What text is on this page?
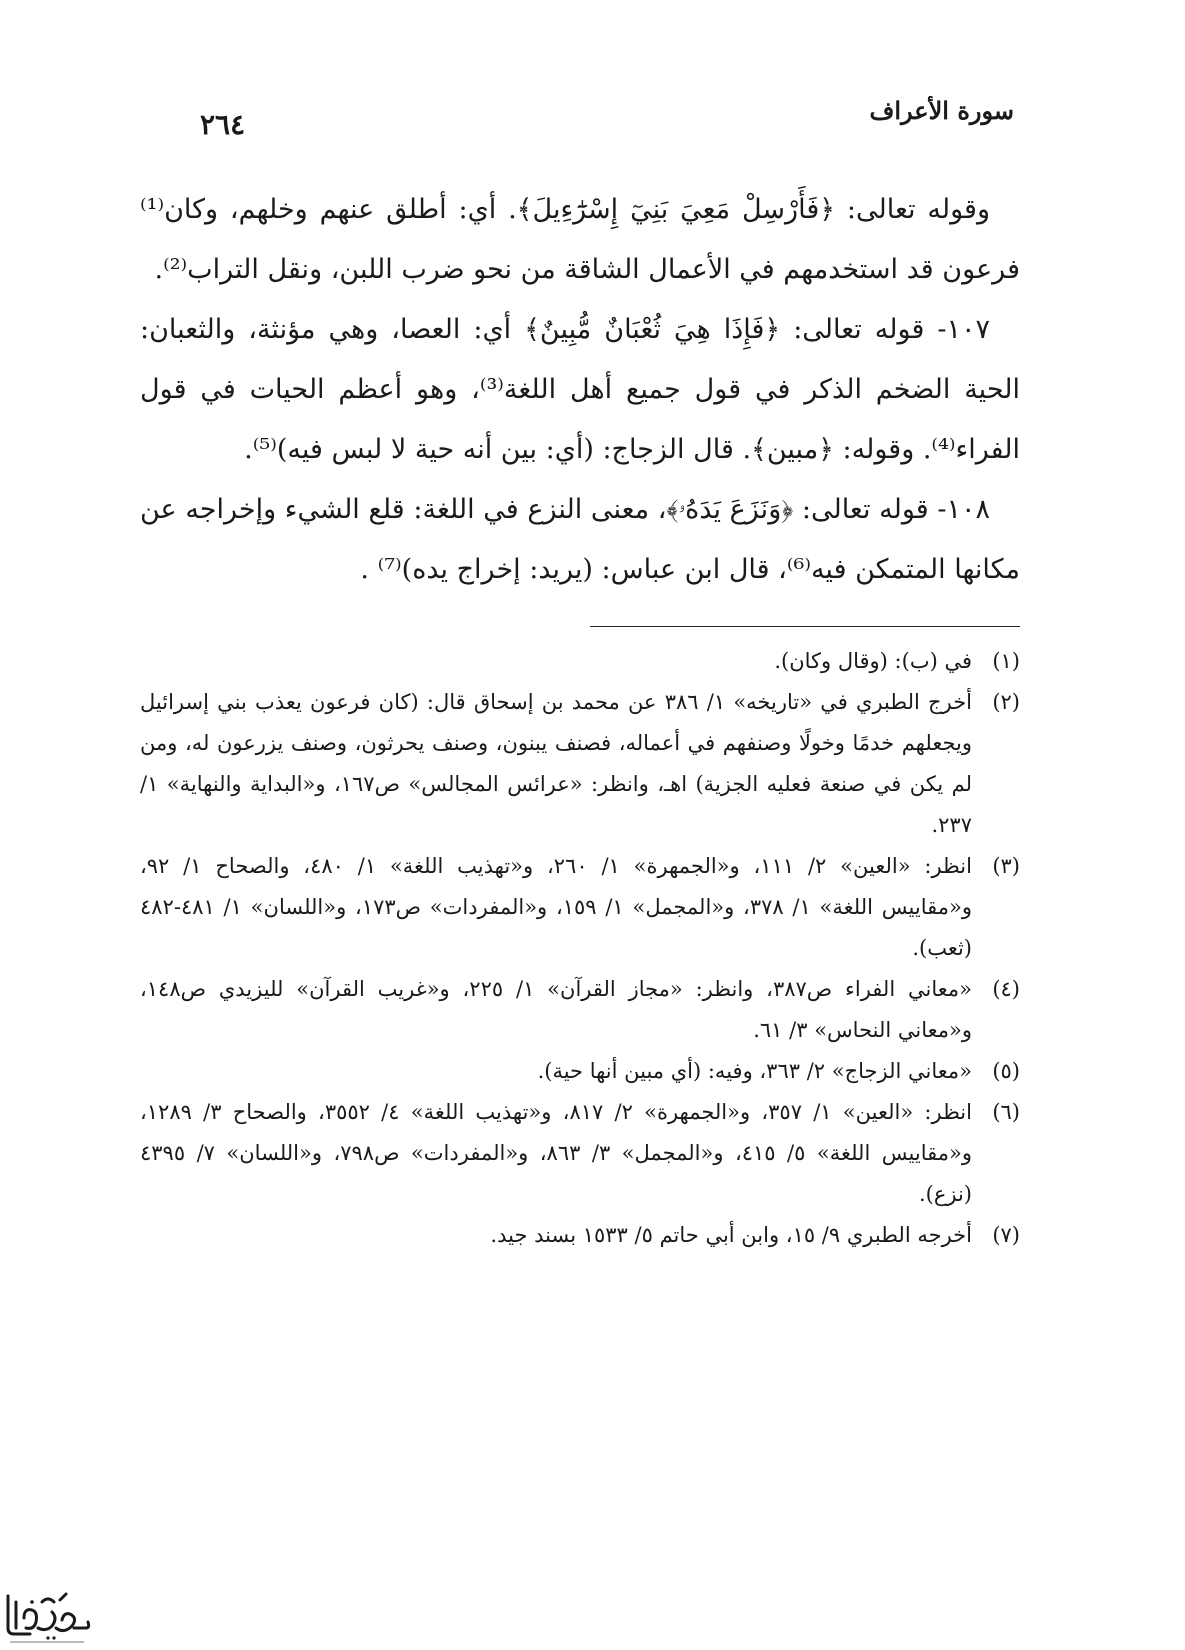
٢٦٤	سورة الأعراف

وقوله تعالى: ﴿فَأَرْسِلْ مَعِيَ بَنِيٓ إِسْرَٰٓءِيلَ﴾. أي: أطلق عنهم وخلهم، وكان⁽¹⁾ فرعون قد استخدمهم في الأعمال الشاقة من نحو ضرب اللبن، ونقل التراب⁽²⁾.

١٠٧- قوله تعالى: ﴿فَإِذَا هِيَ ثُعْبَانٌ مُّبِينٌ﴾ أي: العصا، وهي مؤنثة، والثعبان: الحية الضخم الذكر في قول جميع أهل اللغة⁽³⁾، وهو أعظم الحيات في قول الفراء⁽⁴⁾. وقوله: ﴿مبين﴾. قال الزجاج: (أي: بين أنه حية لا لبس فيه)⁽⁵⁾.

١٠٨- قوله تعالى: ﴿وَنَزَعَ يَدَهُۥ﴾، معنى النزع في اللغة: قلع الشيء وإخراجه عن مكانها المتمكن فيه⁽⁶⁾، قال ابن عباس: (يريد: إخراج يده)⁽⁷⁾ .

(١)
في (ب): (وقال وكان).
(٢)
أخرج الطبري في «تاريخه» ١/ ٣٨٦ عن محمد بن إسحاق قال: (كان فرعون يعذب بني إسرائيل ويجعلهم خدمًا وخولًا وصنفهم في أعماله، فصنف يبنون، وصنف يحرثون، وصنف يزرعون له، ومن لم يكن في صنعة فعليه الجزية) اهـ، وانظر: «عرائس المجالس» ص١٦٧، و«البداية والنهاية» ١/ ٢٣٧.
(٣)
انظر: «العين» ٢/ ١١١، و«الجمهرة» ١/ ٢٦٠، و«تهذيب اللغة» ١/ ٤٨٠، والصحاح ١/ ٩٢، و«مقاييس اللغة» ١/ ٣٧٨، و«المجمل» ١/ ١٥٩، و«المفردات» ص١٧٣، و«اللسان» ١/ ٤٨١-٤٨٢ (ثعب).
(٤)
«معاني الفراء ص٣٨٧، وانظر: «مجاز القرآن» ١/ ٢٢٥، و«غريب القرآن» لليزيدي ص١٤٨، و«معاني النحاس» ٣/ ٦١.
(٥)
«معاني الزجاج» ٢/ ٣٦٣، وفيه: (أي مبين أنها حية).
(٦)
انظر: «العين» ١/ ٣٥٧، و«الجمهرة» ٢/ ٨١٧، و«تهذيب اللغة» ٤/ ٣٥٥٢، والصحاح ٣/ ١٢٨٩، و«مقاييس اللغة» ٥/ ٤١٥، و«المجمل» ٣/ ٨٦٣، و«المفردات» ص٧٩٨، و«اللسان» ٧/ ٤٣٩٥ (نزع).
(٧)
أخرجه الطبري ٩/ ١٥، وابن أبي حاتم ٥/ ١٥٣٣ بسند جيد.
